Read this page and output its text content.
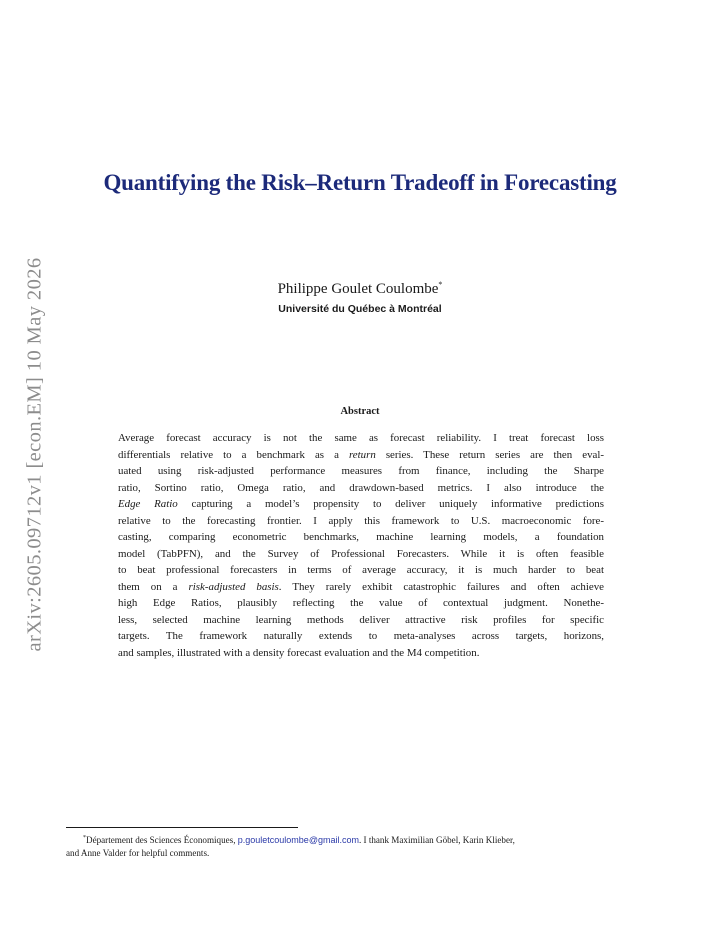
arXiv:2605.09712v1 [econ.EM] 10 May 2026
Quantifying the Risk–Return Tradeoff in Forecasting
Philippe Goulet Coulombe*
Université du Québec à Montréal
Abstract
Average forecast accuracy is not the same as forecast reliability. I treat forecast loss
differentials relative to a benchmark as a return series. These return series are then eval-
uated using risk-adjusted performance measures from finance, including the Sharpe
ratio, Sortino ratio, Omega ratio, and drawdown-based metrics. I also introduce the
Edge Ratio capturing a model’s propensity to deliver uniquely informative predictions
relative to the forecasting frontier. I apply this framework to U.S. macroeconomic fore-
casting, comparing econometric benchmarks, machine learning models, a foundation
model (TabPFN), and the Survey of Professional Forecasters. While it is often feasible
to beat professional forecasters in terms of average accuracy, it is much harder to beat
them on a risk-adjusted basis. They rarely exhibit catastrophic failures and often achieve
high Edge Ratios, plausibly reflecting the value of contextual judgment. Nonethe-
less, selected machine learning methods deliver attractive risk profiles for specific
targets. The framework naturally extends to meta-analyses across targets, horizons,
and samples, illustrated with a density forecast evaluation and the M4 competition.
*Département des Sciences Économiques, p.gouletcoulombe@gmail.com. I thank Maximilian Göbel, Karin Klieber,
and Anne Valder for helpful comments.
